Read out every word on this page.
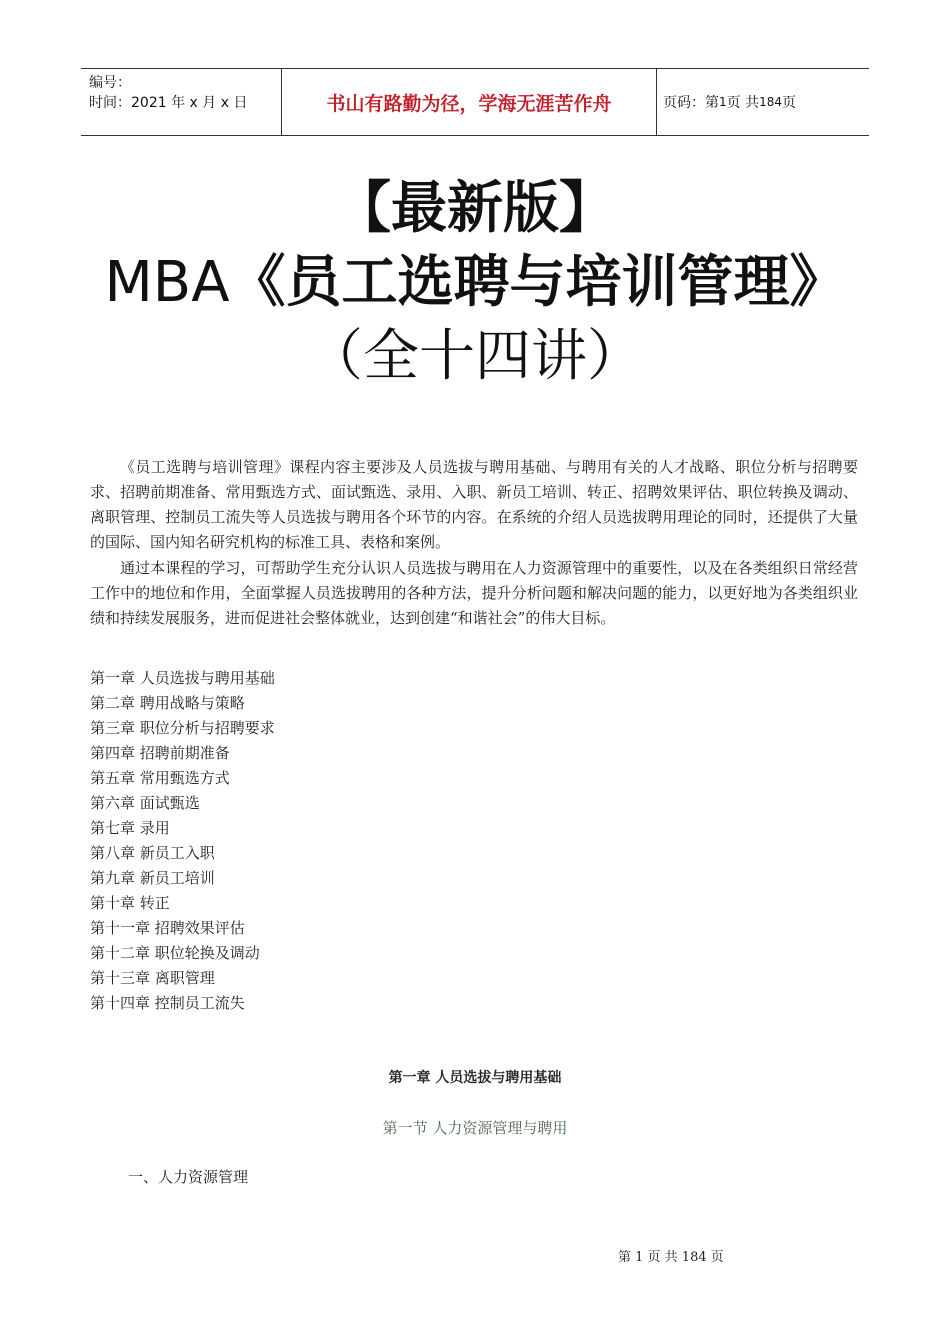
编号：
时间：2021 年 x 月 x 日	书山有路勤为径，学海无涯苦作舟	页码：第 1 页 共 184 页
【最新版】
MBA《员工选聘与培训管理》
（全十四讲）

《员工选聘与培训管理》课程内容主要涉及人员选拔与聘用基础、与聘用有关的人才战略、职位分析与招聘要求、招聘前期准备、常用甄选方式、面试甄选、录用、入职、新员工培训、转正、招聘效果评估、职位转换及调动、离职管理、控制员工流失等人员选拔与聘用各个环节的内容。在系统的介绍人员选拔聘用理论的同时，还提供了大量的国际、国内知名研究机构的标准工具、表格和案例。

通过本课程的学习，可帮助学生充分认识人员选拔与聘用在人力资源管理中的重要性，以及在各类组织日常经营工作中的地位和作用，全面掌握人员选拔聘用的各种方法，提升分析问题和解决问题的能力，以更好地为各类组织业绩和持续发展服务，进而促进社会整体就业，达到创建“和谐社会”的伟大目标。

第一章 人员选拔与聘用基础
第二章 聘用战略与策略
第三章 职位分析与招聘要求
第四章 招聘前期准备
第五章 常用甄选方式
第六章 面试甄选
第七章 录用
第八章 新员工入职
第九章 新员工培训
第十章 转正
第十一章 招聘效果评估
第十二章 职位轮换及调动
第十三章 离职管理
第十四章 控制员工流失
第一章 人员选拔与聘用基础
第一节 人力资源管理与聘用
一、人力资源管理
第 1 页 共 184 页
